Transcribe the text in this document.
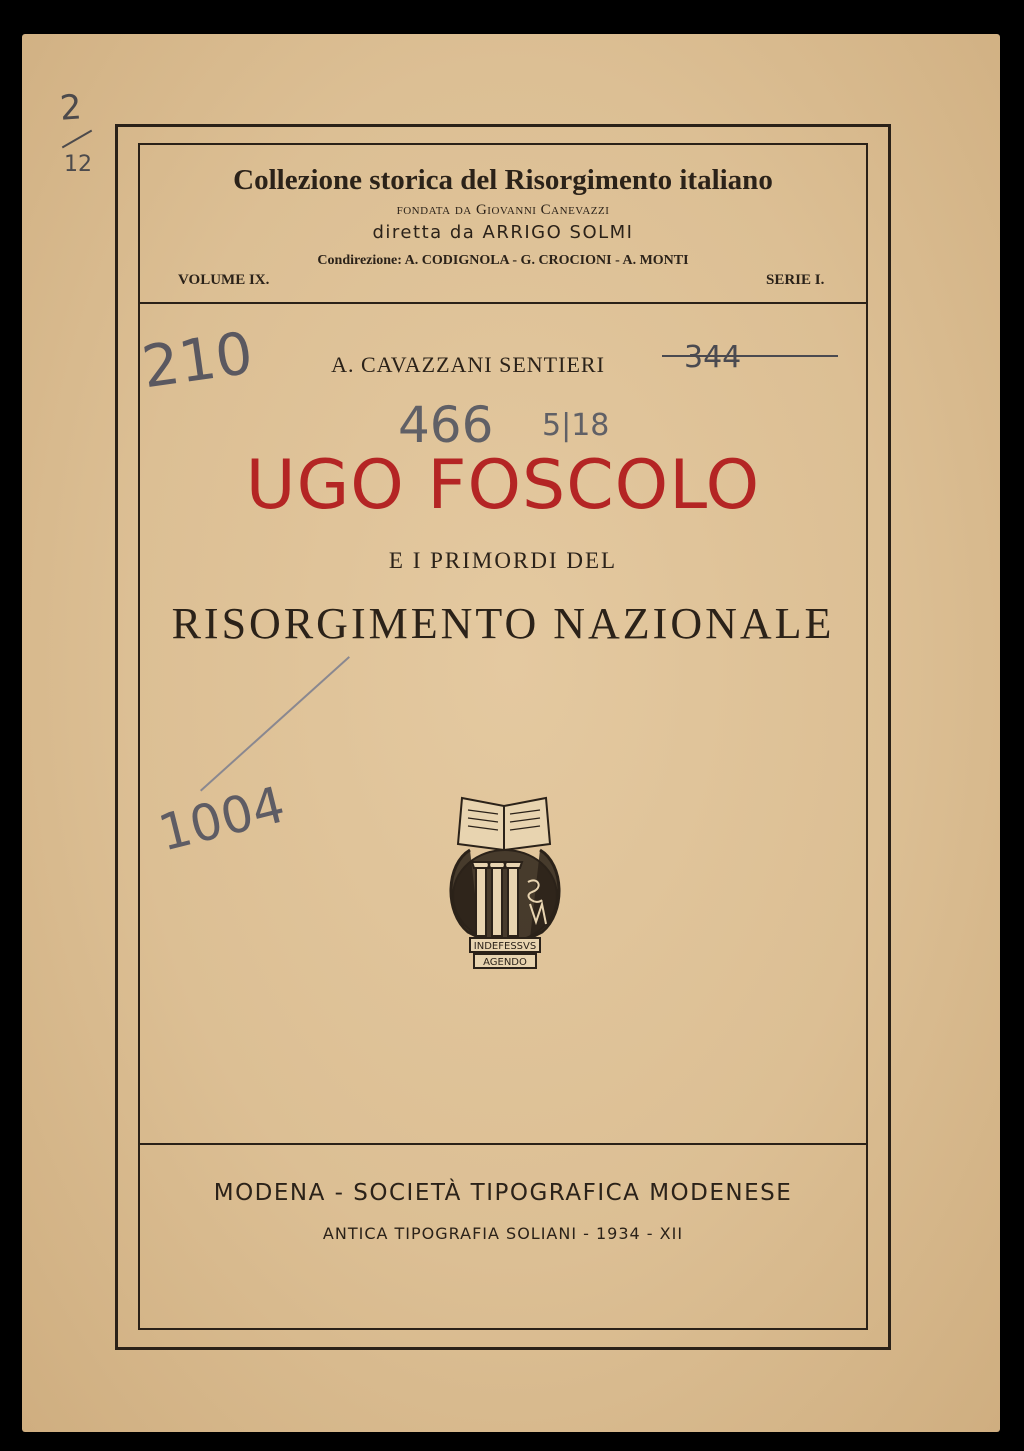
Collezione storica del Risorgimento italiano
fondata da Giovanni Canevazzi
diretta da ARRIGO SOLMI
Condirezione: A. CODIGNOLA - G. CROCIONI - A. MONTI
VOLUME IX.	SERIE I.
A. CAVAZZANI SENTIERI
UGO FOSCOLO
E I PRIMORDI DEL
RISORGIMENTO NAZIONALE
2
12
210
466 5|18
344
1004
INDEFESSVS
AGENDO
MODENA - SOCIETÀ TIPOGRAFICA MODENESE
ANTICA TIPOGRAFIA SOLIANI - 1934 - XII
